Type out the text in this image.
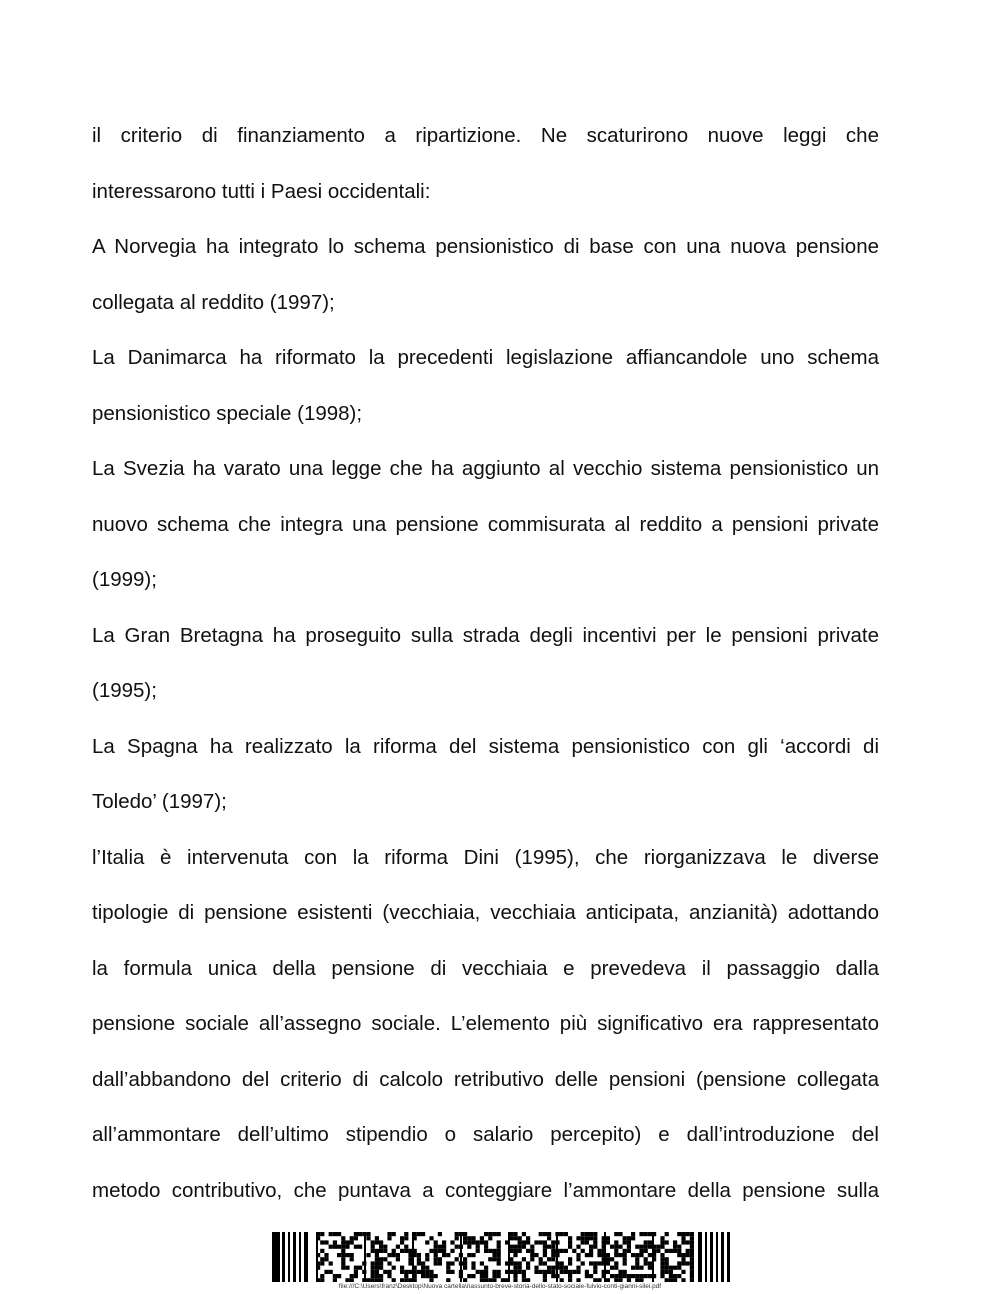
il criterio di finanziamento a ripartizione. Ne scaturirono nuove leggi che
interessarono tutti i Paesi occidentali:

A Norvegia ha integrato lo schema pensionistico di base con una nuova pensione
collegata al reddito (1997);

La Danimarca ha riformato la precedenti legislazione affiancandole uno schema
pensionistico speciale (1998);

La Svezia ha varato una legge che ha aggiunto al vecchio sistema pensionistico un
nuovo schema che integra una pensione commisurata al reddito a pensioni private
(1999);

La Gran Bretagna ha proseguito sulla strada degli incentivi per le pensioni private
(1995);

La Spagna ha realizzato la riforma del sistema pensionistico con gli ‘accordi di
Toledo’ (1997);

l’Italia è intervenuta con la riforma Dini (1995), che riorganizzava le diverse
tipologie di pensione esistenti (vecchiaia, vecchiaia anticipata, anzianità) adottando
la formula unica della pensione di vecchiaia e prevedeva il passaggio dalla
pensione sociale all’assegno sociale. L’elemento più significativo era rappresentato
dall’abbandono del criterio di calcolo retributivo delle pensioni (pensione collegata
all’ammontare dell’ultimo stipendio o salario percepito) e dall’introduzione del
metodo contributivo, che puntava a conteggiare l’ammontare della pensione sulla

file:///C:\Users\franz\Desktop\Nuova cartella\riassunto-breve-storia-dello-stato-sociale-fulvio-conti-gianni-silei.pdf
